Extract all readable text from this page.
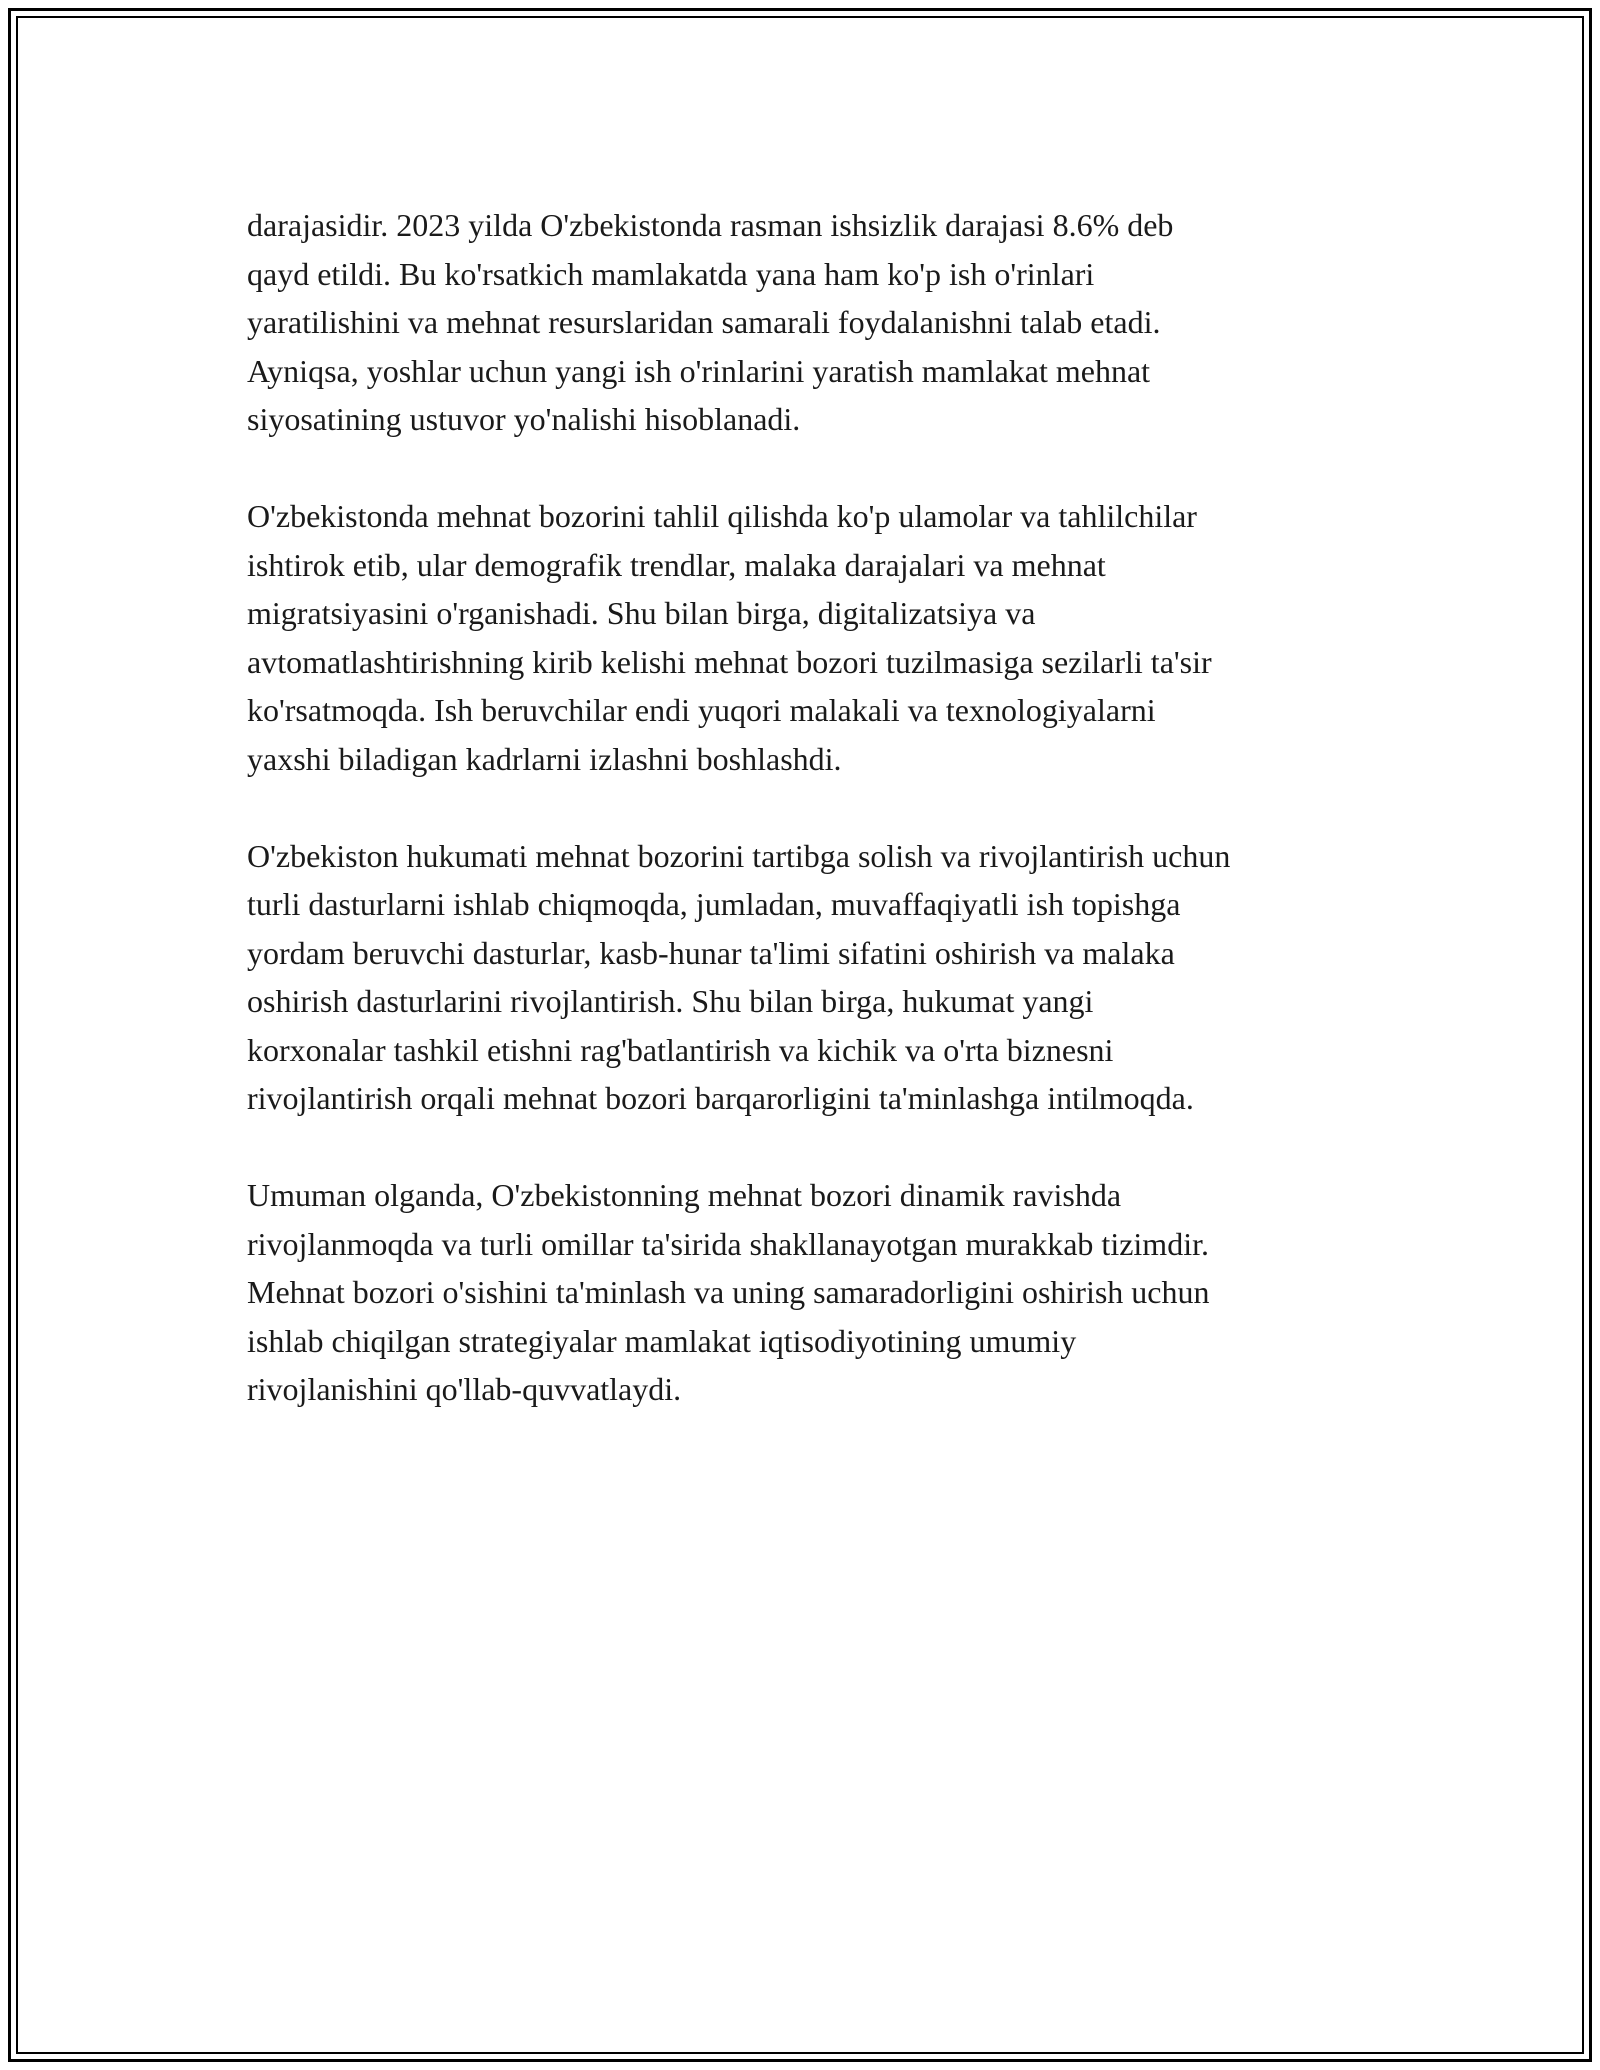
darajasidir. 2023 yilda O'zbekistonda rasman ishsizlik darajasi 8.6% deb
qayd etildi. Bu ko'rsatkich mamlakatda yana ham ko'p ish o'rinlari
yaratilishini va mehnat resurslaridan samarali foydalanishni talab etadi.
Ayniqsa, yoshlar uchun yangi ish o'rinlarini yaratish mamlakat mehnat
siyosatining ustuvor yo'nalishi hisoblanadi.

O'zbekistonda mehnat bozorini tahlil qilishda ko'p ulamolar va tahlilchilar
ishtirok etib, ular demografik trendlar, malaka darajalari va mehnat
migratsiyasini o'rganishadi. Shu bilan birga, digitalizatsiya va
avtomatlashtirishning kirib kelishi mehnat bozori tuzilmasiga sezilarli ta'sir
ko'rsatmoqda. Ish beruvchilar endi yuqori malakali va texnologiyalarni
yaxshi biladigan kadrlarni izlashni boshlashdi.

O'zbekiston hukumati mehnat bozorini tartibga solish va rivojlantirish uchun
turli dasturlarni ishlab chiqmoqda, jumladan, muvaffaqiyatli ish topishga
yordam beruvchi dasturlar, kasb-hunar ta'limi sifatini oshirish va malaka
oshirish dasturlarini rivojlantirish. Shu bilan birga, hukumat yangi
korxonalar tashkil etishni rag'batlantirish va kichik va o'rta biznesni
rivojlantirish orqali mehnat bozori barqarorligini ta'minlashga intilmoqda.

Umuman olganda, O'zbekistonning mehnat bozori dinamik ravishda
rivojlanmoqda va turli omillar ta'sirida shakllanayotgan murakkab tizimdir.
Mehnat bozori o'sishini ta'minlash va uning samaradorligini oshirish uchun
ishlab chiqilgan strategiyalar mamlakat iqtisodiyotining umumiy
rivojlanishini qo'llab-quvvatlaydi.
